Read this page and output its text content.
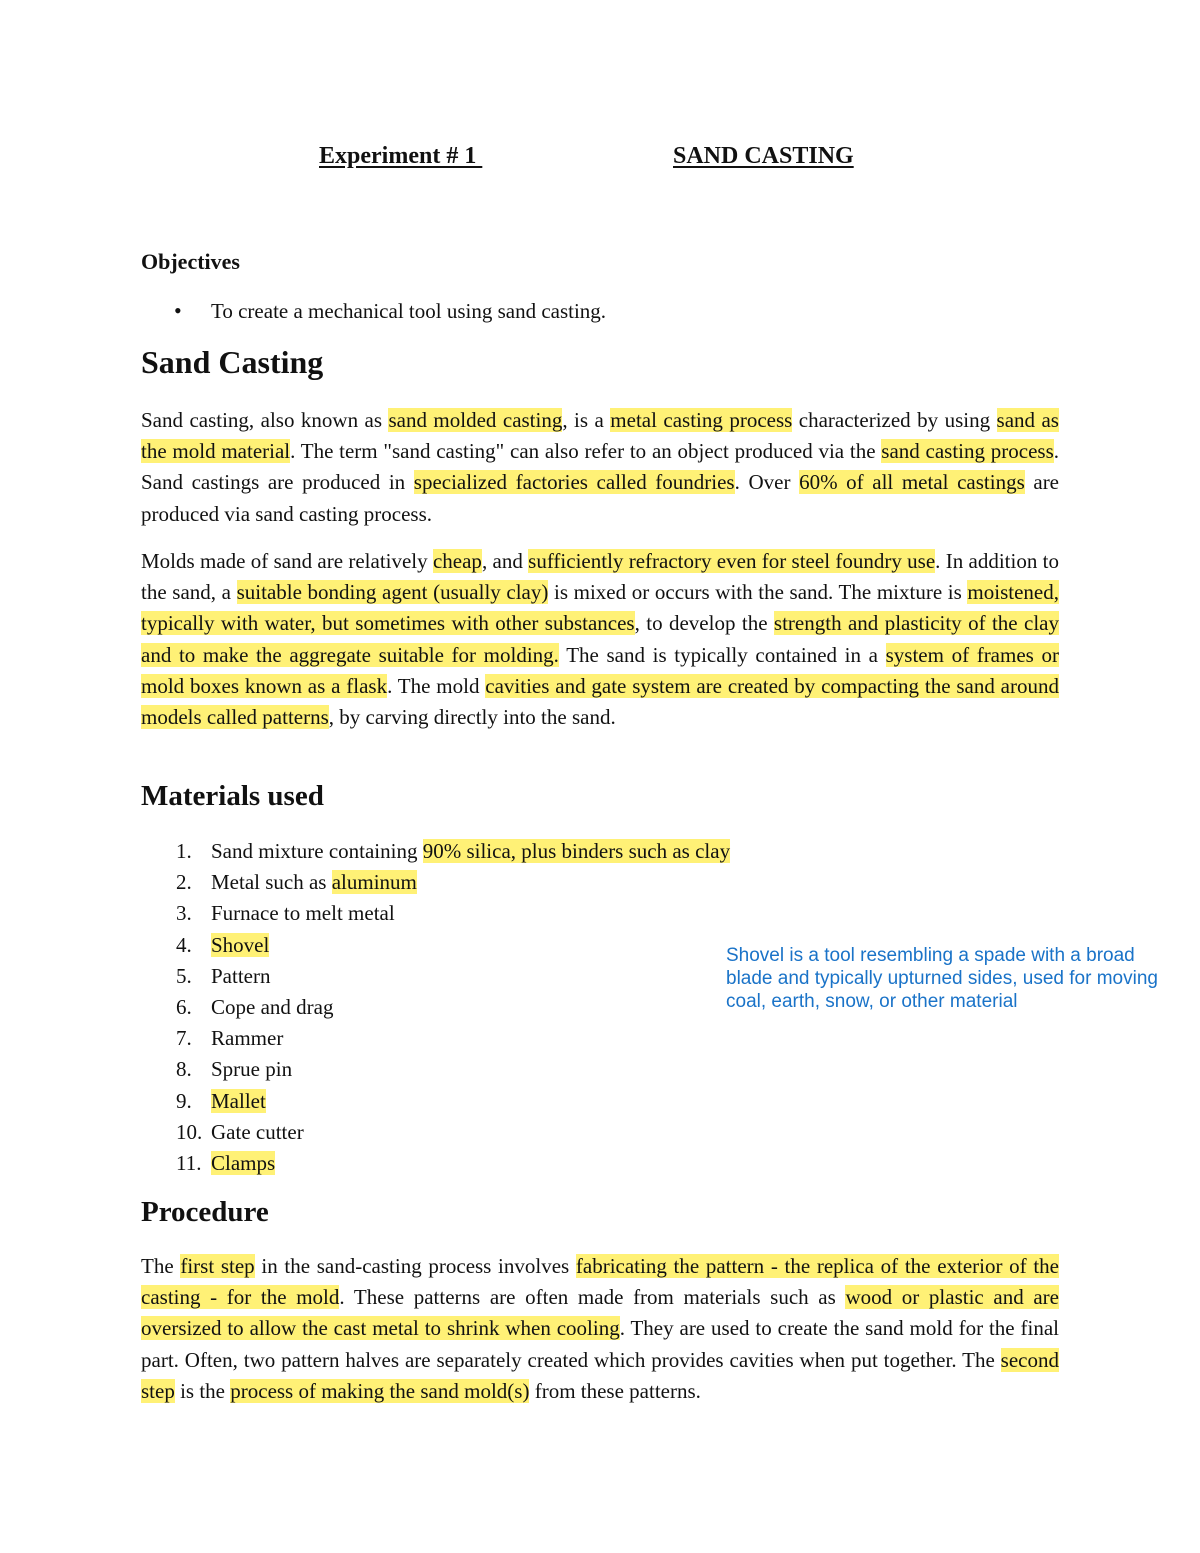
Experiment # 1	SAND CASTING
Objectives
• To create a mechanical tool using sand casting.
Sand Casting

Sand casting, also known as sand molded casting, is a metal casting process characterized by using sand as the mold material. The term "sand casting" can also refer to an object produced via the sand casting process. Sand castings are produced in specialized factories called foundries. Over 60% of all metal castings are produced via sand casting process.

Molds made of sand are relatively cheap, and sufficiently refractory even for steel foundry use. In addition to the sand, a suitable bonding agent (usually clay) is mixed or occurs with the sand. The mixture is moistened, typically with water, but sometimes with other substances, to develop the strength and plasticity of the clay and to make the aggregate suitable for molding. The sand is typically contained in a system of frames or mold boxes known as a flask. The mold cavities and gate system are created by compacting the sand around models called patterns, by carving directly into the sand.

Materials used
1. Sand mixture containing 90% silica, plus binders such as clay
2. Metal such as aluminum
3. Furnace to melt metal
4. Shovel
5. Pattern
6. Cope and drag
7. Rammer
8. Sprue pin
9. Mallet
10. Gate cutter
11. Clamps
Shovel is a tool resembling a spade with a broad blade and typically upturned sides, used for moving coal, earth, snow, or other material
Procedure

The first step in the sand-casting process involves fabricating the pattern - the replica of the exterior of the casting - for the mold. These patterns are often made from materials such as wood or plastic and are oversized to allow the cast metal to shrink when cooling. They are used to create the sand mold for the final part. Often, two pattern halves are separately created which provides cavities when put together. The second step is the process of making the sand mold(s) from these patterns.
